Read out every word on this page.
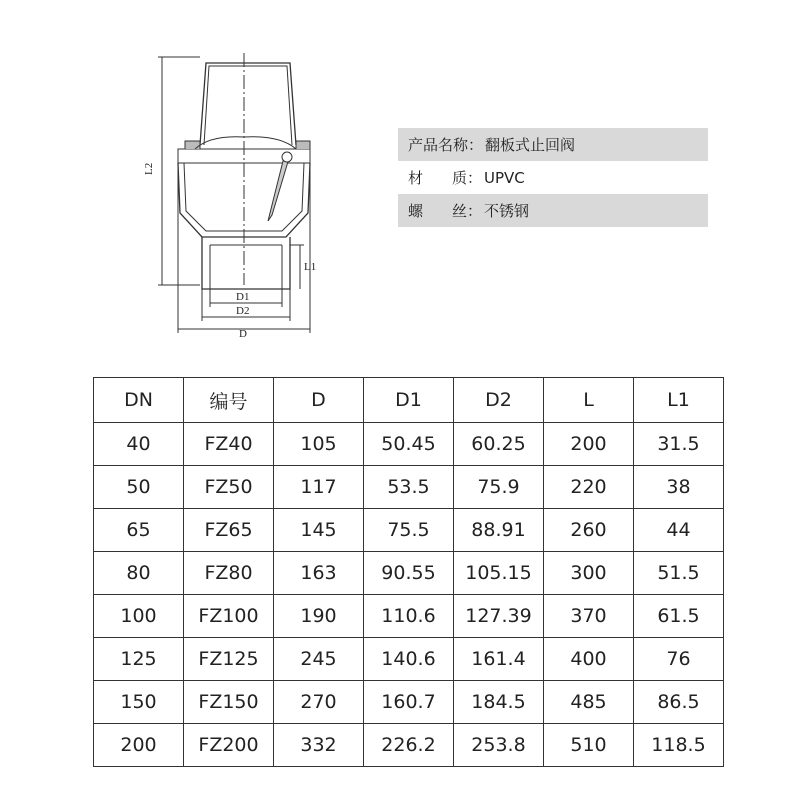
L2
L1
D1
D2
D
产品名称： 翻板式止回阀
材 质： UPVC
螺 丝： 不锈钢
DN	编号	D	D1	D2	L	L1
40	FZ40	105	50.45	60.25	200	31.5
50	FZ50	117	53.5	75.9	220	38
65	FZ65	145	75.5	88.91	260	44
80	FZ80	163	90.55	105.15	300	51.5
100	FZ100	190	110.6	127.39	370	61.5
125	FZ125	245	140.6	161.4	400	76
150	FZ150	270	160.7	184.5	485	86.5
200	FZ200	332	226.2	253.8	510	118.5
